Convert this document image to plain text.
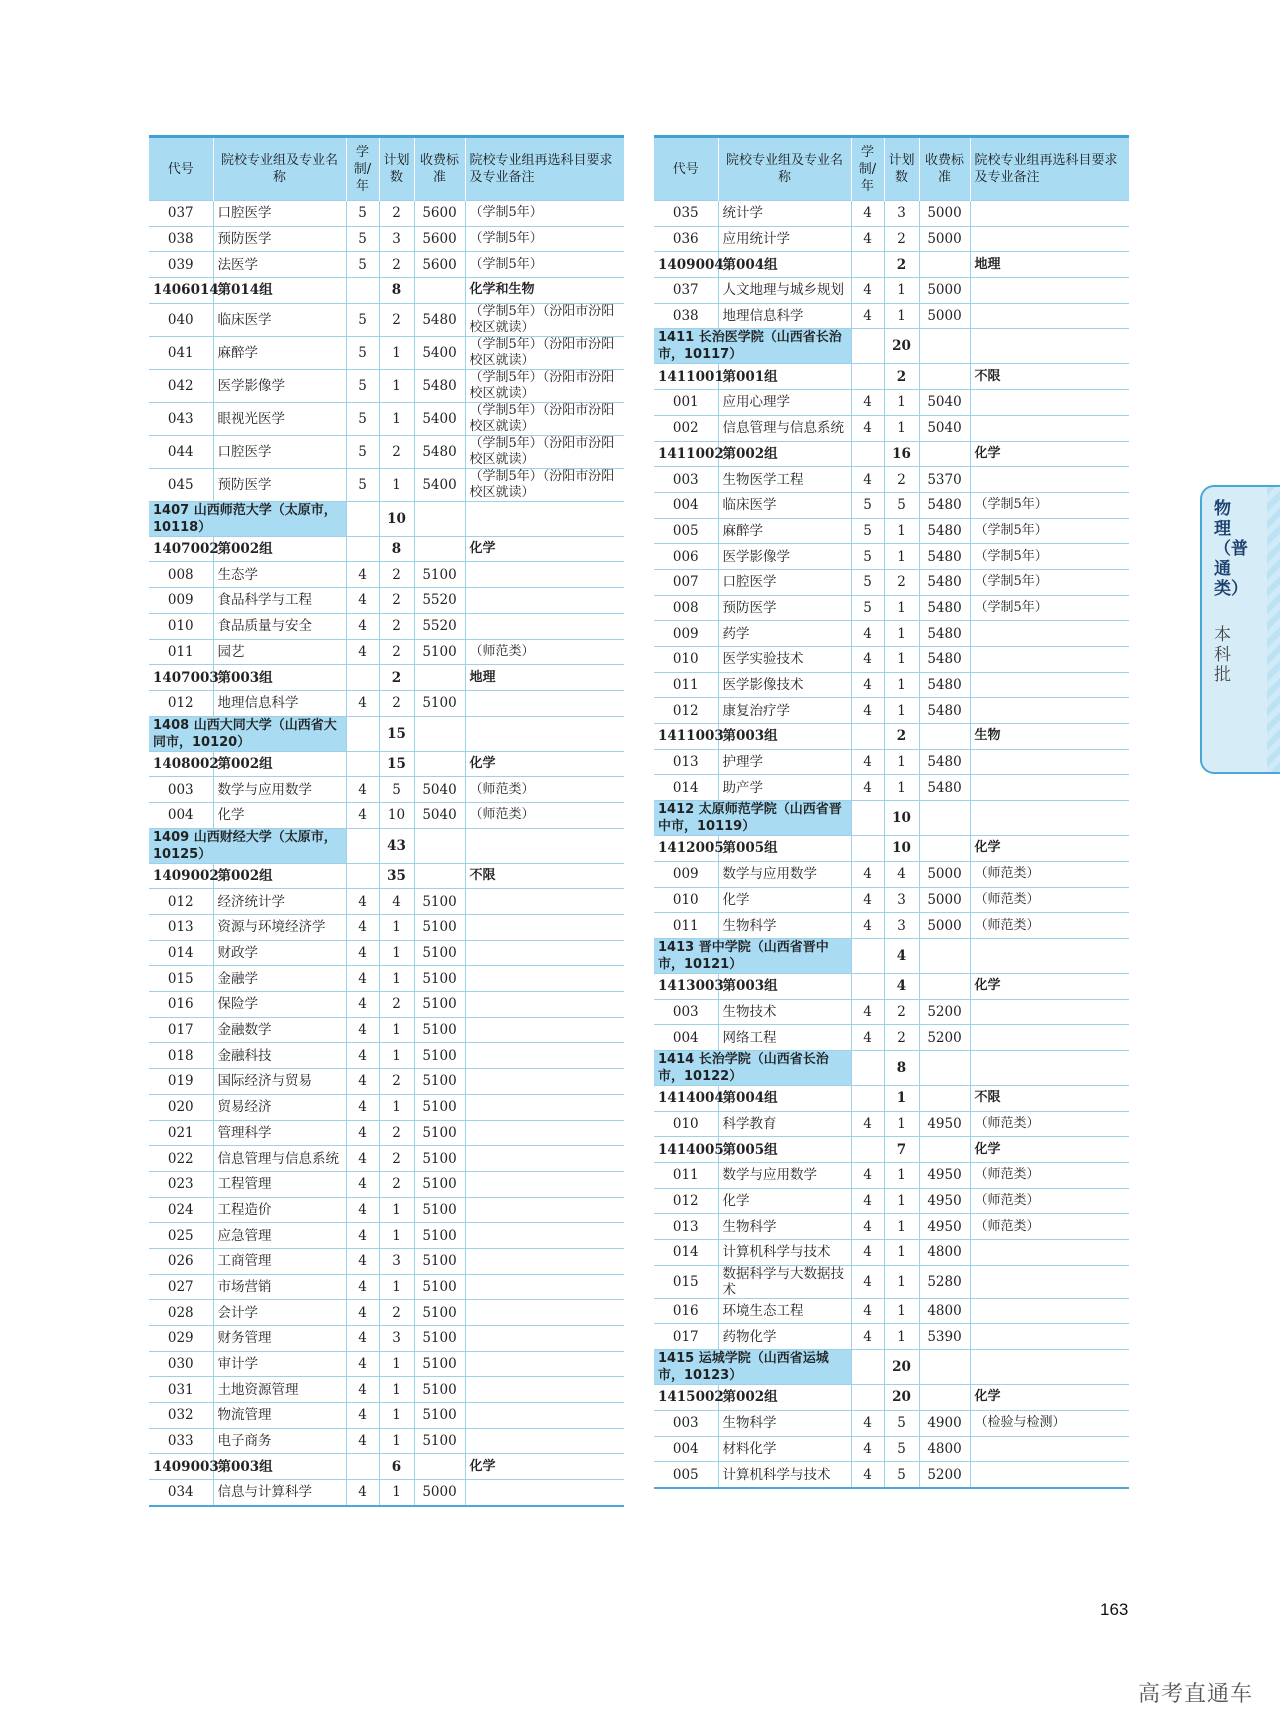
代号	院校专业组及专业名称	学制/年	计划数	收费标准	院校专业组再选科目要求及专业备注
037	口腔医学	5	2	5600	（学制5年）
038	预防医学	5	3	5600	（学制5年）
039	法医学	5	2	5600	（学制5年）
1406014	第014组		8		化学和生物
040	临床医学	5	2	5480	（学制5年）（汾阳市汾阳校区就读）
041	麻醉学	5	1	5400	（学制5年）（汾阳市汾阳校区就读）
042	医学影像学	5	1	5480	（学制5年）（汾阳市汾阳校区就读）
043	眼视光医学	5	1	5400	（学制5年）（汾阳市汾阳校区就读）
044	口腔医学	5	2	5480	（学制5年）（汾阳市汾阳校区就读）
045	预防医学	5	1	5400	（学制5年）（汾阳市汾阳校区就读）
1407 山西师范大学（太原市，10118）			10		
1407002	第002组		8		化学
008	生态学	4	2	5100	
009	食品科学与工程	4	2	5520	
010	食品质量与安全	4	2	5520	
011	园艺	4	2	5100	（师范类）
1407003	第003组		2		地理
012	地理信息科学	4	2	5100	
1408 山西大同大学（山西省大同市，10120）			15		
1408002	第002组		15		化学
003	数学与应用数学	4	5	5040	（师范类）
004	化学	4	10	5040	（师范类）
1409 山西财经大学（太原市，10125）			43		
1409002	第002组		35		不限
012	经济统计学	4	4	5100	
013	资源与环境经济学	4	1	5100	
014	财政学	4	1	5100	
015	金融学	4	1	5100	
016	保险学	4	2	5100	
017	金融数学	4	1	5100	
018	金融科技	4	1	5100	
019	国际经济与贸易	4	2	5100	
020	贸易经济	4	1	5100	
021	管理科学	4	2	5100	
022	信息管理与信息系统	4	2	5100	
023	工程管理	4	2	5100	
024	工程造价	4	1	5100	
025	应急管理	4	1	5100	
026	工商管理	4	3	5100	
027	市场营销	4	1	5100	
028	会计学	4	2	5100	
029	财务管理	4	3	5100	
030	审计学	4	1	5100	
031	土地资源管理	4	1	5100	
032	物流管理	4	1	5100	
033	电子商务	4	1	5100	
1409003	第003组		6		化学
034	信息与计算科学	4	1	5000	
代号	院校专业组及专业名称	学制/年	计划数	收费标准	院校专业组再选科目要求及专业备注
035	统计学	4	3	5000	
036	应用统计学	4	2	5000	
1409004	第004组		2		地理
037	人文地理与城乡规划	4	1	5000	
038	地理信息科学	4	1	5000	
1411 长治医学院（山西省长治市，10117）			20		
1411001	第001组		2		不限
001	应用心理学	4	1	5040	
002	信息管理与信息系统	4	1	5040	
1411002	第002组		16		化学
003	生物医学工程	4	2	5370	
004	临床医学	5	5	5480	（学制5年）
005	麻醉学	5	1	5480	（学制5年）
006	医学影像学	5	1	5480	（学制5年）
007	口腔医学	5	2	5480	（学制5年）
008	预防医学	5	1	5480	（学制5年）
009	药学	4	1	5480	
010	医学实验技术	4	1	5480	
011	医学影像技术	4	1	5480	
012	康复治疗学	4	1	5480	
1411003	第003组		2		生物
013	护理学	4	1	5480	
014	助产学	4	1	5480	
1412 太原师范学院（山西省晋中市，10119）			10		
1412005	第005组		10		化学
009	数学与应用数学	4	4	5000	（师范类）
010	化学	4	3	5000	（师范类）
011	生物科学	4	3	5000	（师范类）
1413 晋中学院（山西省晋中市，10121）			4		
1413003	第003组		4		化学
003	生物技术	4	2	5200	
004	网络工程	4	2	5200	
1414 长治学院（山西省长治市，10122）			8		
1414004	第004组		1		不限
010	科学教育	4	1	4950	（师范类）
1414005	第005组		7		化学
011	数学与应用数学	4	1	4950	（师范类）
012	化学	4	1	4950	（师范类）
013	生物科学	4	1	4950	（师范类）
014	计算机科学与技术	4	1	4800	
015	数据科学与大数据技术	4	1	5280	
016	环境生态工程	4	1	4800	
017	药物化学	4	1	5390	
1415 运城学院（山西省运城市，10123）			20		
1415002	第002组		20		化学
003	生物科学	4	5	4900	（检验与检测）
004	材料化学	4	5	4800	
005	计算机科学与技术	4	5	5200	
物理（普通类）
本科批
163
高考直通车
